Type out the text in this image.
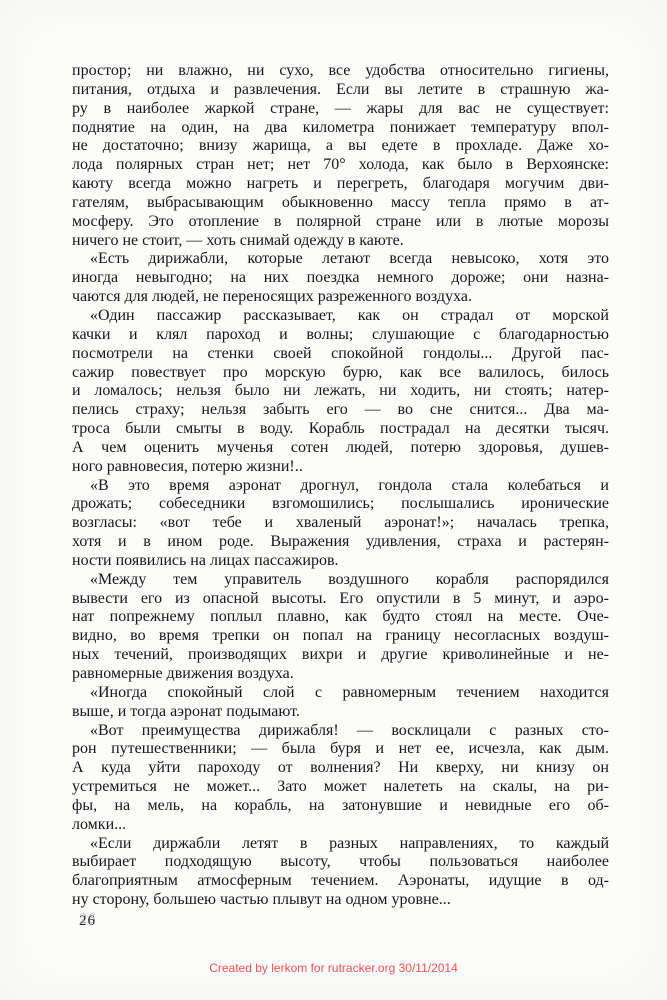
простор; ни влажно, ни сухо, все удобства относительно гигиены,
питания, отдыха и развлечения. Если вы летите в страшную жа-
ру в наиболее жаркой стране, — жары для вас не существует:
поднятие на один, на два километра понижает температуру впол-
не достаточно; внизу жарища, а вы едете в прохладе. Даже хо-
лода полярных стран нет; нет 70° холода, как было в Верхоянске:
каюту всегда можно нагреть и перегреть, благодаря могучим дви-
гателям, выбрасывающим обыкновенно массу тепла прямо в ат-
мосферу. Это отопление в полярной стране или в лютые морозы
ничего не стоит, — хоть снимай одежду в каюте.
«Есть дирижабли, которые летают всегда невысоко, хотя это
иногда невыгодно; на них поездка немного дороже; они назна-
чаются для людей, не переносящих разреженного воздуха.
«Один пассажир рассказывает, как он страдал от морской
качки и клял пароход и волны; слушающие с благодарностью
посмотрели на стенки своей спокойной гондолы... Другой пас-
сажир повествует про морскую бурю, как все валилось, билось
и ломалось; нельзя было ни лежать, ни ходить, ни стоять; натер-
пелись страху; нельзя забыть его — во сне снится... Два ма-
троса были смыты в воду. Корабль пострадал на десятки тысяч.
А чем оценить мученья сотен людей, потерю здоровья, душев-
ного равновесия, потерю жизни!..
«В это время аэронат дрогнул, гондола стала колебаться и
дрожать; собеседники взгомошились; послышались иронические
возгласы: «вот тебе и хваленый аэронат!»; началась трепка,
хотя и в ином роде. Выражения удивления, страха и растерян-
ности появились на лицах пассажиров.
«Между тем управитель воздушного корабля распорядился
вывести его из опасной высоты. Его опустили в 5 минут, и аэро-
нат попрежнему поплыл плавно, как будто стоял на месте. Оче-
видно, во время трепки он попал на границу несогласных воздуш-
ных течений, производящих вихри и другие криволинейные и не-
равномерные движения воздуха.
«Иногда спокойный слой с равномерным течением находится
выше, и тогда аэронат подымают.
«Вот преимущества дирижабля! — восклицали с разных сто-
рон путешественники; — была буря и нет ее, исчезла, как дым.
А куда уйти пароходу от волнения? Ни кверху, ни книзу он
устремиться не может... Зато может налететь на скалы, на ри-
фы, на мель, на корабль, на затонувшие и невидные его об-
ломки...
«Если диржабли летят в разных направлениях, то каждый
выбирает подходящую высоту, чтобы пользоваться наиболее
благоприятным атмосферным течением. Аэронаты, идущие в од-
ну сторону, большею частью плывут на одном уровне...
26
Created by lerkom for rutracker.org 30/11/2014
